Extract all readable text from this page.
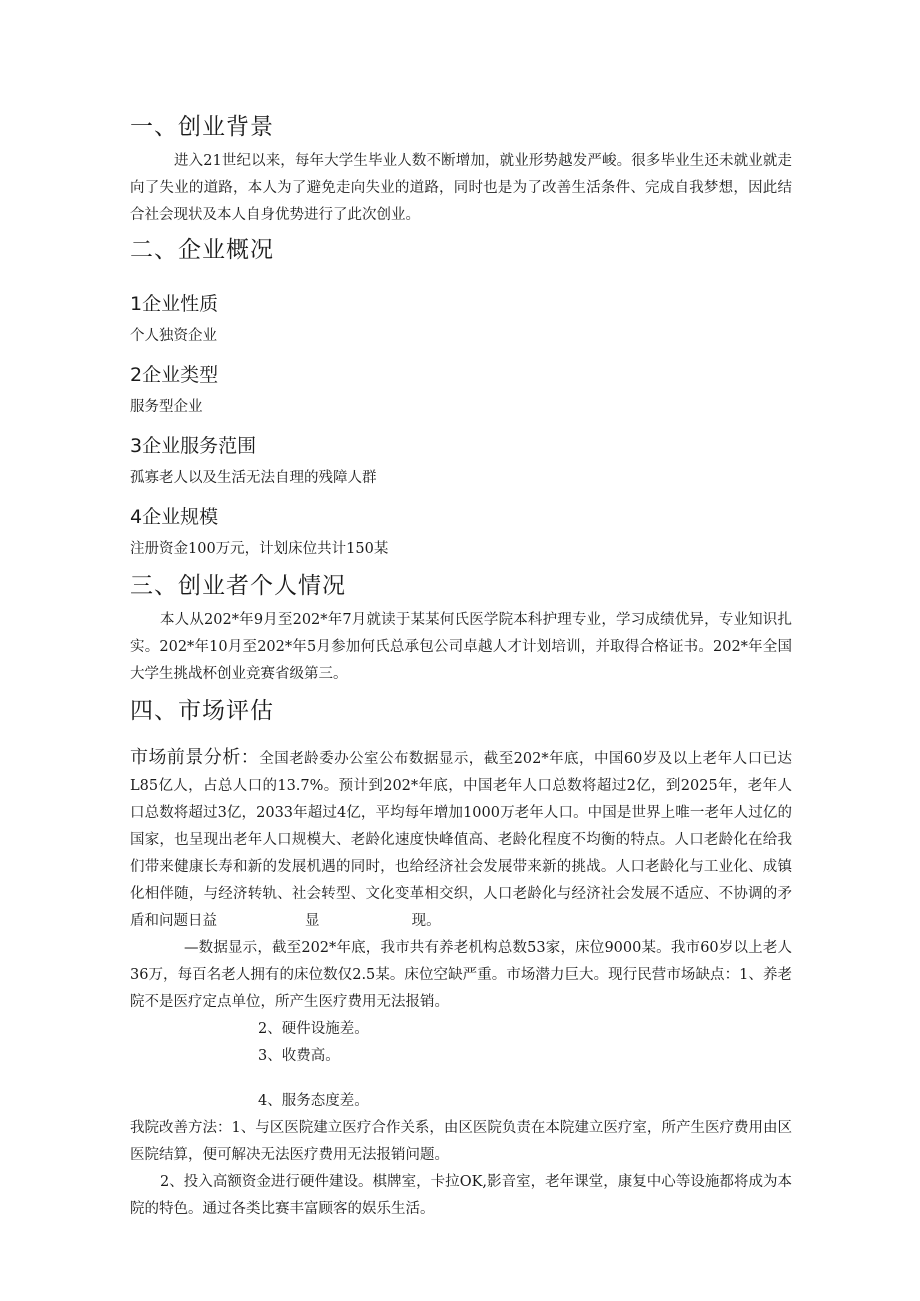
一、创业背景

进入21世纪以来，每年大学生毕业人数不断增加，就业形势越发严峻。很多毕业生还未就业就走向了失业的道路，本人为了避免走向失业的道路，同时也是为了改善生活条件、完成自我梦想，因此结合社会现状及本人自身优势进行了此次创业。

二、企业概况
1企业性质

个人独资企业

2企业类型

服务型企业

3企业服务范围

孤寡老人以及生活无法自理的残障人群

4企业规模

注册资金100万元，计划床位共计150某

三、创业者个人情况

本人从202*年9月至202*年7月就读于某某何氏医学院本科护理专业，学习成绩优异，专业知识扎实。202*年10月至202*年5月参加何氏总承包公司卓越人才计划培训，并取得合格证书。202*年全国大学生挑战杯创业竞赛省级第三。

四、市场评估

市场前景分析：全国老龄委办公室公布数据显示，截至202*年底，中国60岁及以上老年人口已达L85亿人，占总人口的13.7%。预计到202*年底，中国老年人口总数将超过2亿，到2025年，老年人口总数将超过3亿，2033年超过4亿，平均每年增加1000万老年人口。中国是世界上唯一老年人过亿的国家，也呈现出老年人口规模大、老龄化速度快峰值高、老龄化程度不均衡的特点。人口老龄化在给我们带来健康长寿和新的发展机遇的同时，也给经济社会发展带来新的挑战。人口老龄化与工业化、成镇化相伴随，与经济转轨、社会转型、文化变革相交织，人口老龄化与经济社会发展不适应、不协调的矛盾和问题日益	显                    现。

—数据显示，截至202*年底，我市共有养老机构总数53家，床位9000某。我市60岁以上老人36万，每百名老人拥有的床位数仅2.5某。床位空缺严重。市场潜力巨大。现行民营市场缺点：1、养老院不是医疗定点单位，所产生医疗费用无法报销。

2、硬件设施差。

3、收费高。

4、服务态度差。

我院改善方法：1、与区医院建立医疗合作关系，由区医院负责在本院建立医疗室，所产生医疗费用由区医院结算，便可解决无法医疗费用无法报销问题。

2、投入高额资金进行硬件建设。棋牌室，卡拉OK,影音室，老年课堂，康复中心等设施都将成为本院的特色。通过各类比赛丰富顾客的娱乐生活。
